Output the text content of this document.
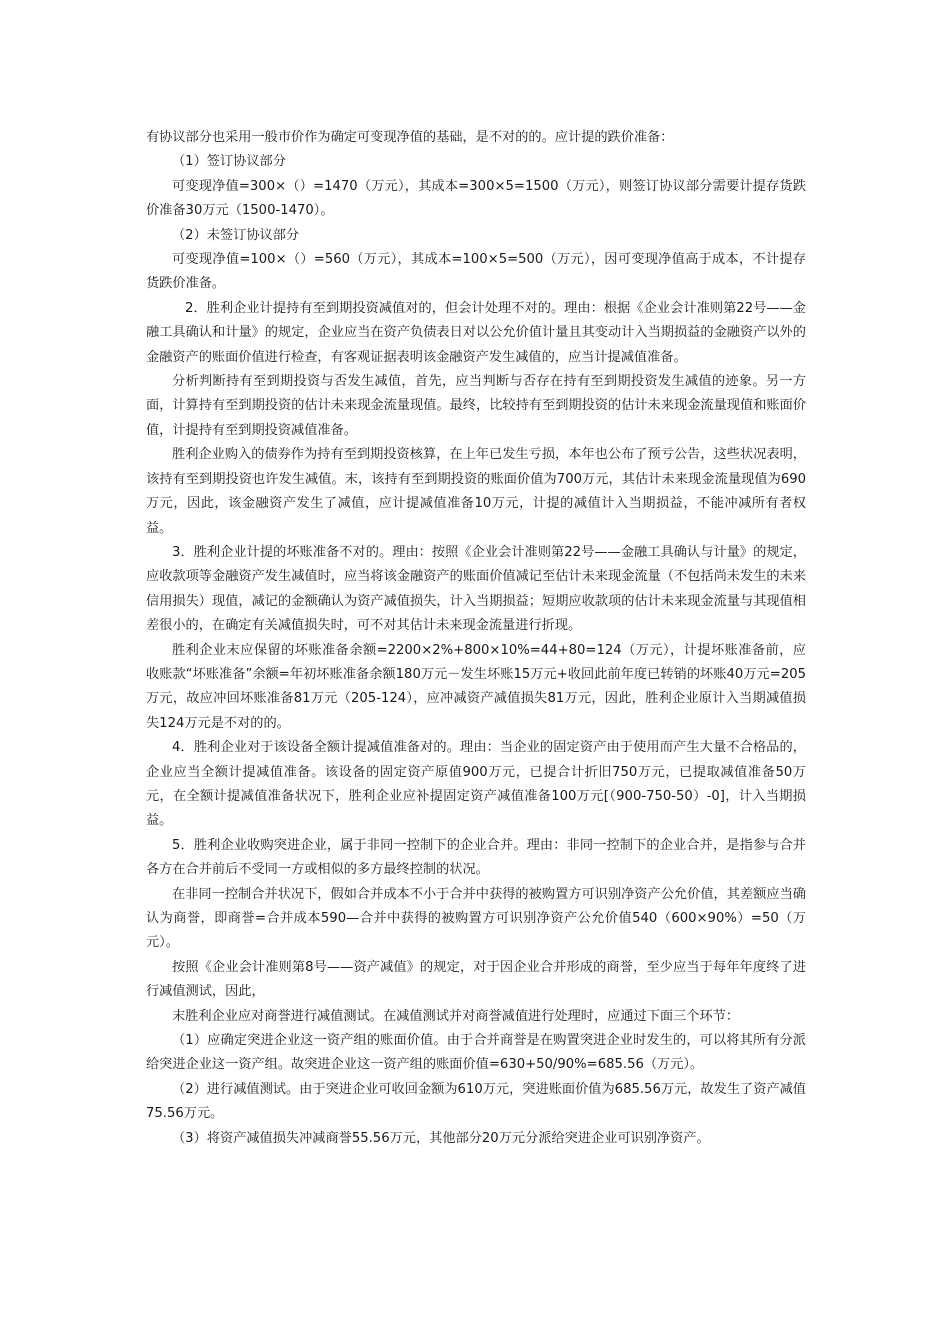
有协议部分也采用一般市价作为确定可变现净值的基础，是不对的的。应计提的跌价准备：

（1）签订协议部分

可变现净值=300×（）=1470（万元），其成本=300×5=1500（万元），则签订协议部分需要计提存货跌价准备30万元（1500-1470）。

（2）未签订协议部分

可变现净值=100×（）=560（万元），其成本=100×5=500（万元），因可变现净值高于成本，不计提存货跌价准备。

2．胜利企业计提持有至到期投资减值对的，但会计处理不对的。理由：根据《企业会计准则第22号——金融工具确认和计量》的规定，企业应当在资产负债表日对以公允价值计量且其变动计入当期损益的金融资产以外的金融资产的账面价值进行检查，有客观证据表明该金融资产发生减值的，应当计提减值准备。

分析判断持有至到期投资与否发生减值，首先，应当判断与否存在持有至到期投资发生减值的迹象。另一方面，计算持有至到期投资的估计未来现金流量现值。最终，比较持有至到期投资的估计未来现金流量现值和账面价值，计提持有至到期投资减值准备。

胜利企业购入的债券作为持有至到期投资核算，在上年已发生亏损，本年也公布了预亏公告，这些状况表明，该持有至到期投资也许发生减值。末，该持有至到期投资的账面价值为700万元，其估计未来现金流量现值为690万元，因此，该金融资产发生了减值，应计提减值准备10万元，计提的减值计入当期损益，不能冲减所有者权益。

3．胜利企业计提的坏账准备不对的。理由：按照《企业会计准则第22号——金融工具确认与计量》的规定，应收款项等金融资产发生减值时，应当将该金融资产的账面价值减记至估计未来现金流量（不包括尚未发生的未来信用损失）现值，减记的金额确认为资产减值损失，计入当期损益；短期应收款项的估计未来现金流量与其现值相差很小的，在确定有关减值损失时，可不对其估计未来现金流量进行折现。

胜利企业末应保留的坏账准备余额=2200×2%+800×10%=44+80=124（万元），计提坏账准备前，应收账款“坏账准备”余额=年初坏账准备余额180万元－发生坏账15万元+收回此前年度已转销的坏账40万元=205万元，故应冲回坏账准备81万元（205-124），应冲减资产减值损失81万元，因此，胜利企业原计入当期减值损失124万元是不对的的。

4．胜利企业对于该设备全额计提减值准备对的。理由：当企业的固定资产由于使用而产生大量不合格品的，企业应当全额计提减值准备。该设备的固定资产原值900万元，已提合计折旧750万元，已提取减值准备50万元，在全额计提减值准备状况下，胜利企业应补提固定资产减值准备100万元[（900-750-50）-0]，计入当期损益。

5．胜利企业收购突进企业，属于非同一控制下的企业合并。理由：非同一控制下的企业合并，是指参与合并各方在合并前后不受同一方或相似的多方最终控制的状况。

在非同一控制合并状况下，假如合并成本不小于合并中获得的被购置方可识别净资产公允价值，其差额应当确认为商誉，即商誉=合并成本590—合并中获得的被购置方可识别净资产公允价值540（600×90%）=50（万元）。

按照《企业会计准则第8号——资产减值》的规定，对于因企业合并形成的商誉，至少应当于每年年度终了进行减值测试，因此，

末胜利企业应对商誉进行减值测试。在减值测试并对商誉减值进行处理时，应通过下面三个环节：

（1）应确定突进企业这一资产组的账面价值。由于合并商誉是在购置突进企业时发生的，可以将其所有分派给突进企业这一资产组。故突进企业这一资产组的账面价值=630+50/90%=685.56（万元）。

（2）进行减值测试。由于突进企业可收回金额为610万元，突进账面价值为685.56万元，故发生了资产减值75.56万元。

（3）将资产减值损失冲减商誉55.56万元，其他部分20万元分派给突进企业可识别净资产。
